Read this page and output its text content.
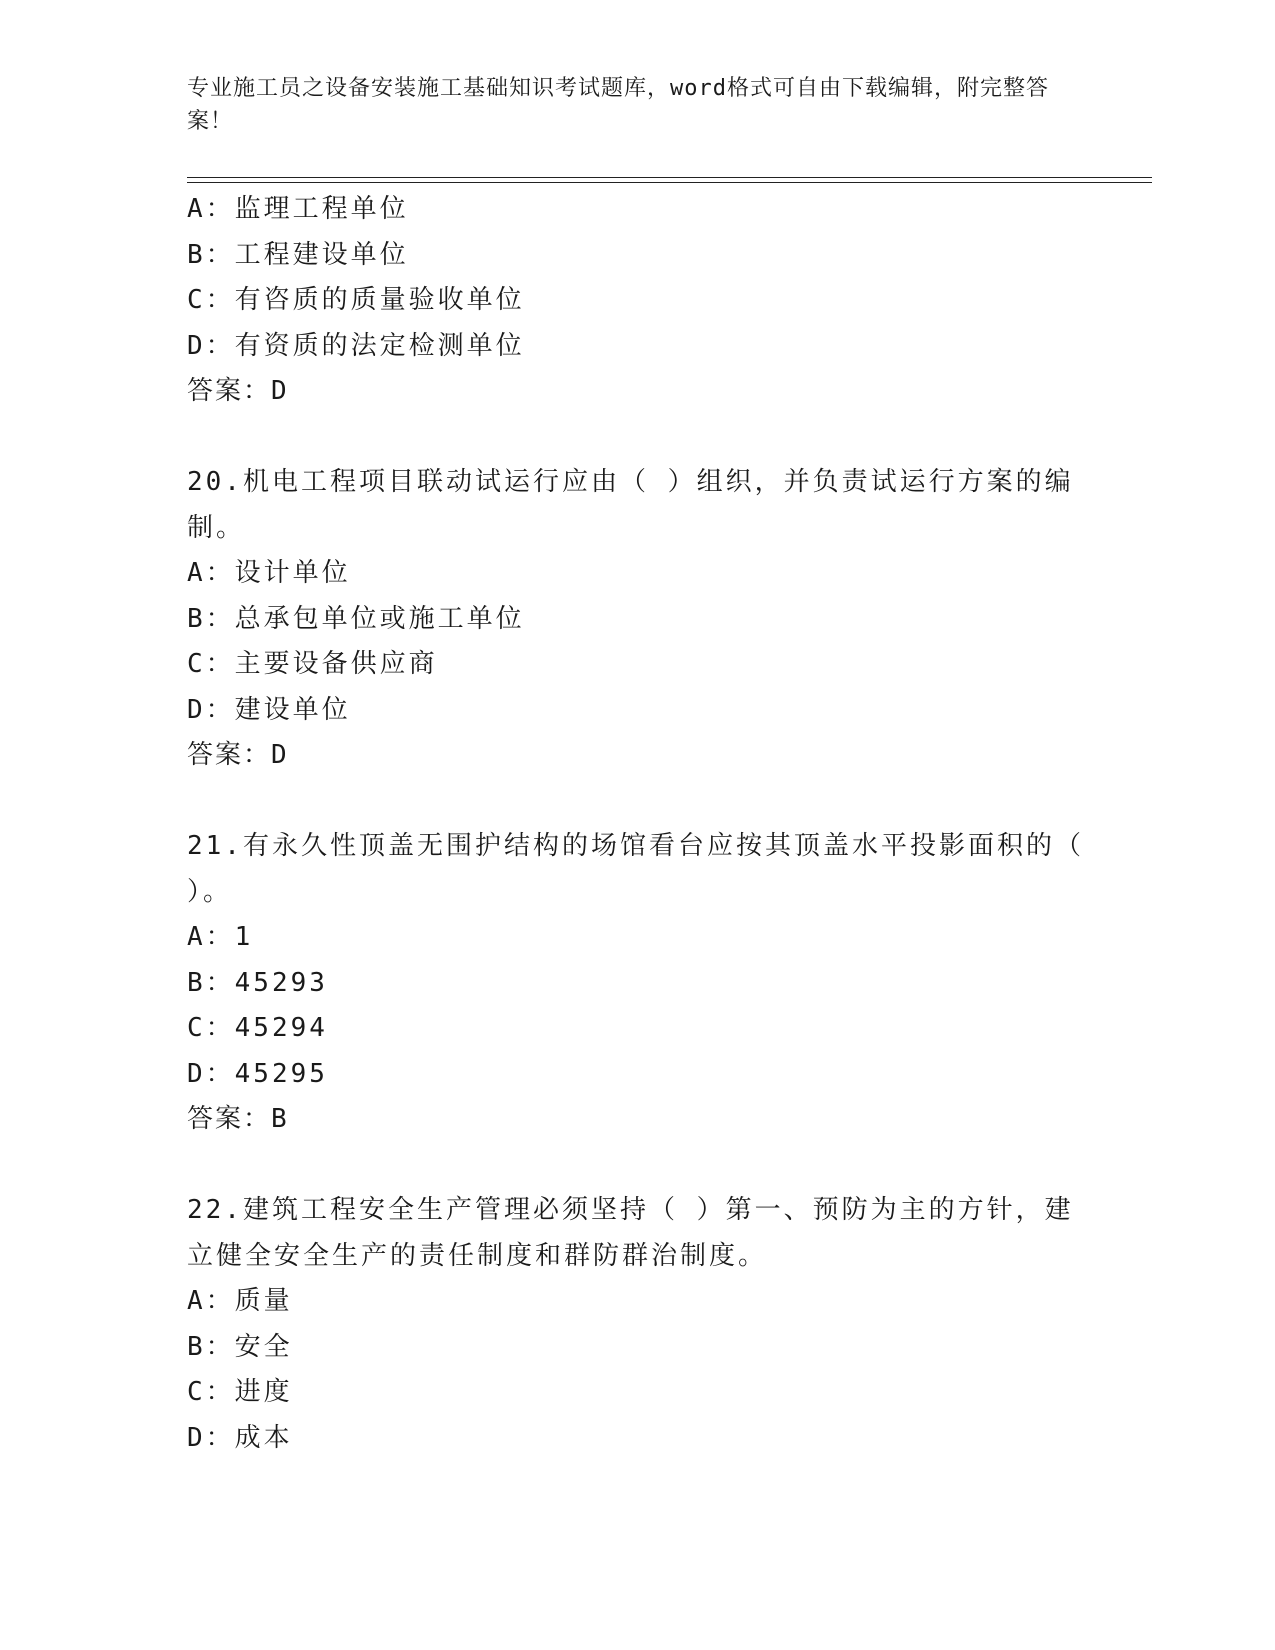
专业施工员之设备安装施工基础知识考试题库，word格式可自由下载编辑，附完整答案！
A：监理工程单位
B：工程建设单位
C：有咨质的质量验收单位
D：有资质的法定检测单位
答案：D
20.机电工程项目联动试运行应由（ ）组织，并负责试运行方案的编
制。
A：设计单位
B：总承包单位或施工单位
C：主要设备供应商
D：建设单位
答案：D
21.有永久性顶盖无围护结构的场馆看台应按其顶盖水平投影面积的（
）。
A：1
B：45293
C：45294
D：45295
答案：B
22.建筑工程安全生产管理必须坚持（ ）第一、预防为主的方针，建
立健全安全生产的责任制度和群防群治制度。
A：质量
B：安全
C：进度
D：成本
